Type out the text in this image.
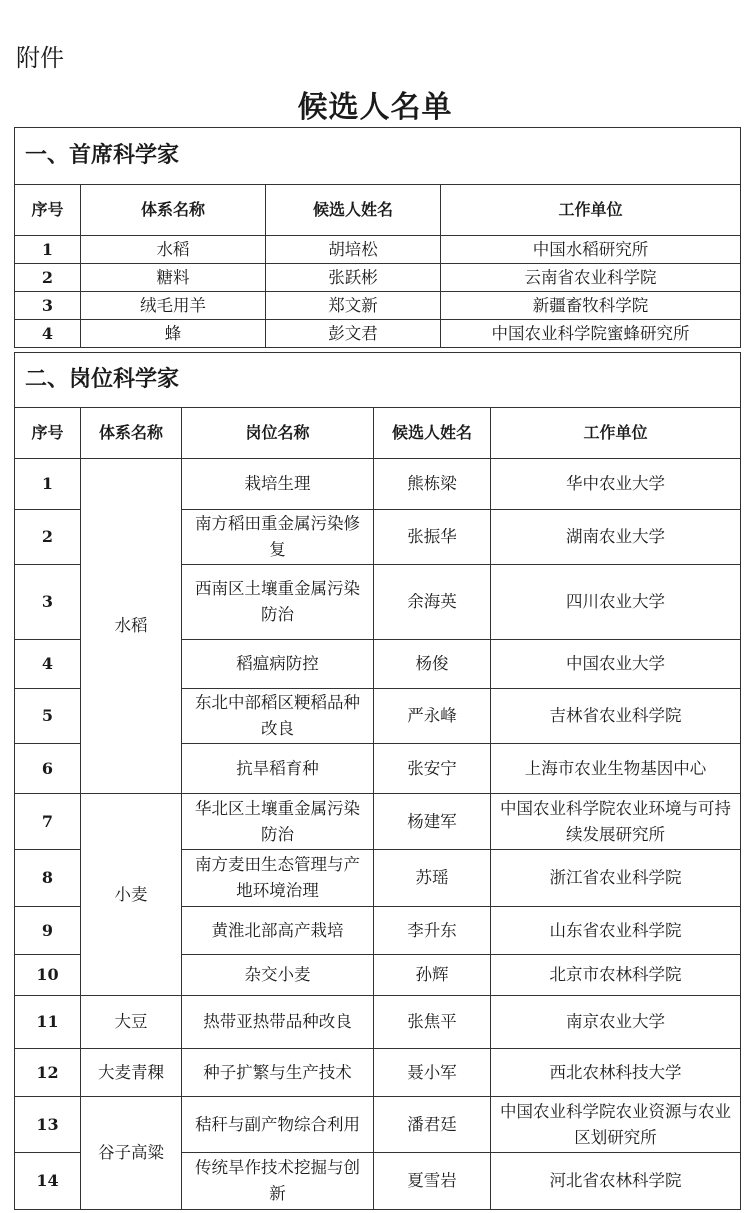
附件
候选人名单
一、首席科学家			
序号	体系名称	候选人姓名	工作单位
1	水稻	胡培松	中国水稻研究所
2	糖料	张跃彬	云南省农业科学院
3	绒毛用羊	郑文新	新疆畜牧科学院
4	蜂	彭文君	中国农业科学院蜜蜂研究所
二、岗位科学家				
序号	体系名称	岗位名称	候选人姓名	工作单位
1	水稻	栽培生理	熊栋梁	华中农业大学
2		南方稻田重金属污染修复	张振华	湖南农业大学
3		西南区土壤重金属污染防治	余海英	四川农业大学
4		稻瘟病防控	杨俊	中国农业大学
5		东北中部稻区粳稻品种改良	严永峰	吉林省农业科学院
6		抗旱稻育种	张安宁	上海市农业生物基因中心
7	小麦	华北区土壤重金属污染防治	杨建军	中国农业科学院农业环境与可持续发展研究所
8		南方麦田生态管理与产地环境治理	苏瑶	浙江省农业科学院
9		黄淮北部高产栽培	李升东	山东省农业科学院
10		杂交小麦	孙辉	北京市农林科学院
11	大豆	热带亚热带品种改良	张焦平	南京农业大学
12	大麦青稞	种子扩繁与生产技术	聂小军	西北农林科技大学
13	谷子高粱	秸秆与副产物综合利用	潘君廷	中国农业科学院农业资源与农业区划研究所
14		传统旱作技术挖掘与创新	夏雪岩	河北省农林科学院
